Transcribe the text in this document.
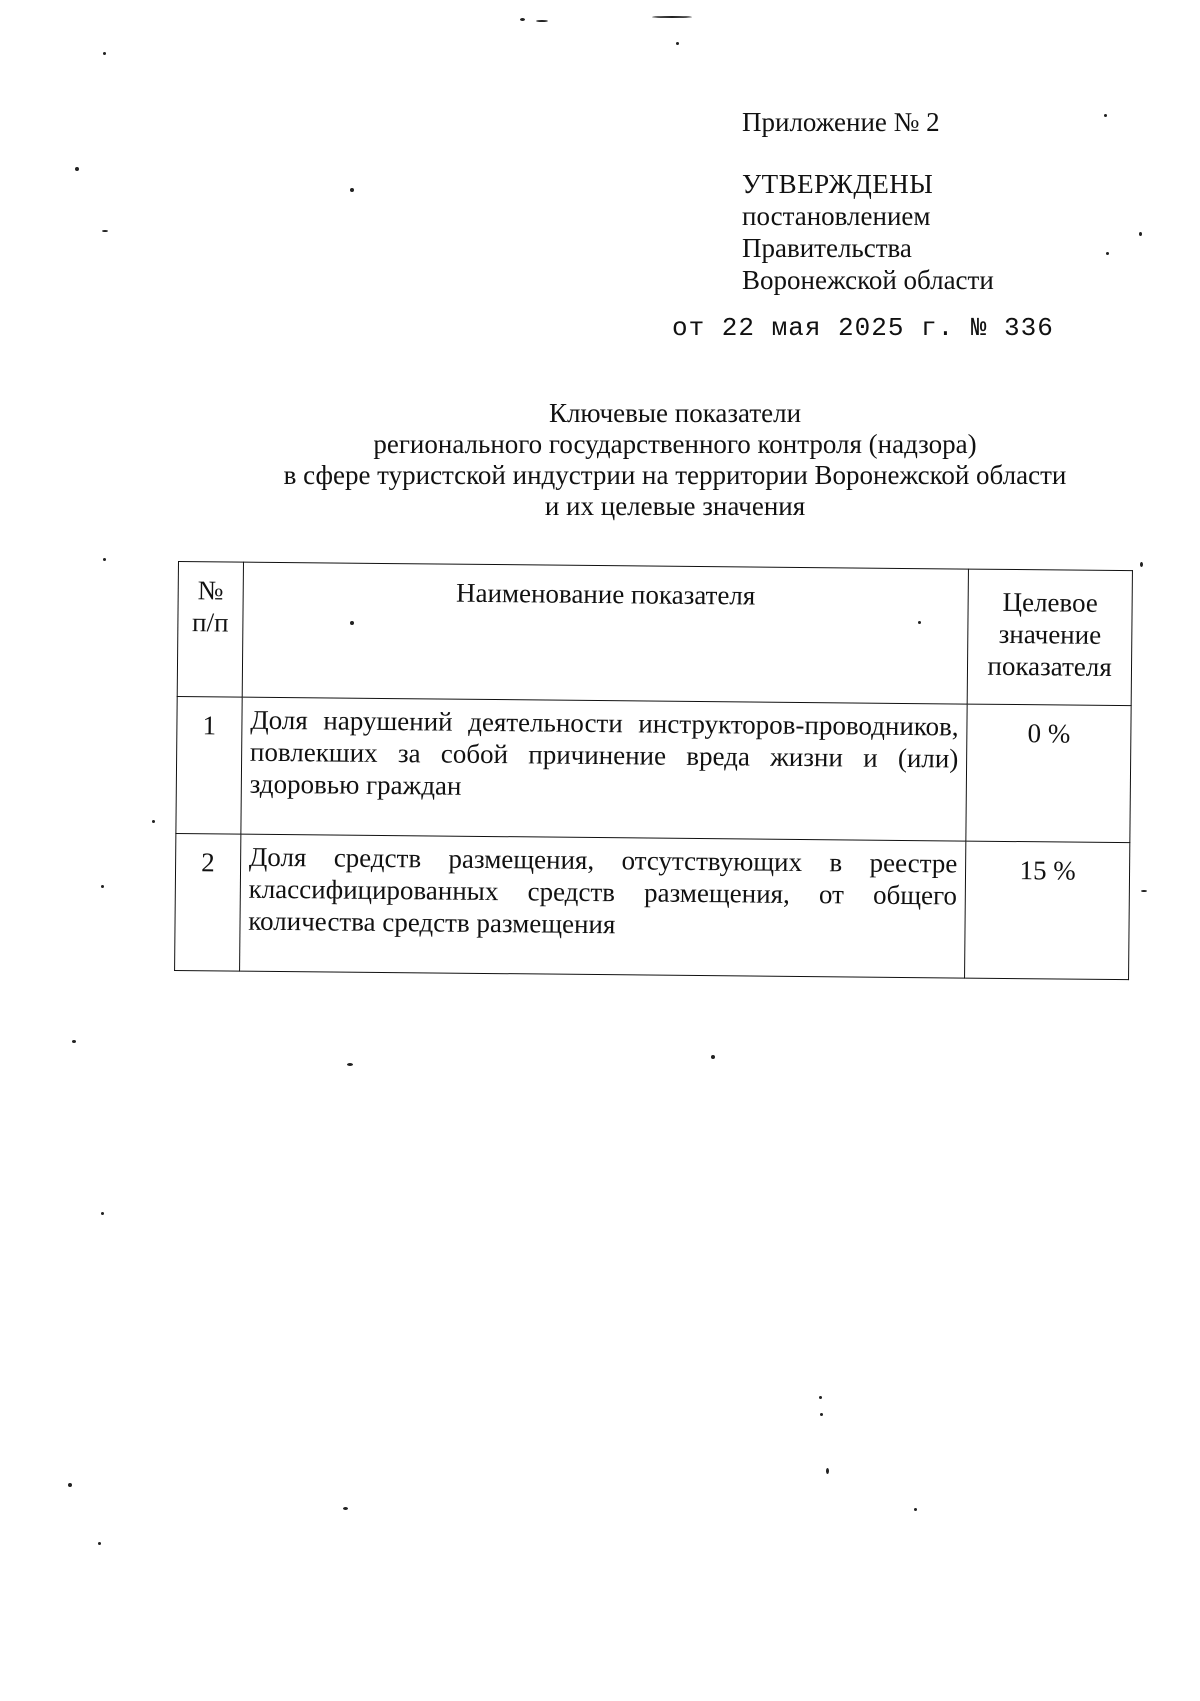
Приложение № 2
УТВЕРЖДЕНЫ
постановлением
Правительства
Воронежской области
от 22 мая 2025 г. № 336
Ключевые показатели
регионального государственного контроля (надзора)
в сфере туристской индустрии на территории Воронежской области
и их целевые значения
№ п/п	Наименование показателя	Целевое значение показателя
1	Доля нарушений деятельности инструкторов-проводников, повлекших за собой причинение вреда жизни и (или) здоровью граждан	0 %
2	Доля средств размещения, отсутствующих в реестре классифицированных средств размещения, от общего количества средств размещения	15 %
